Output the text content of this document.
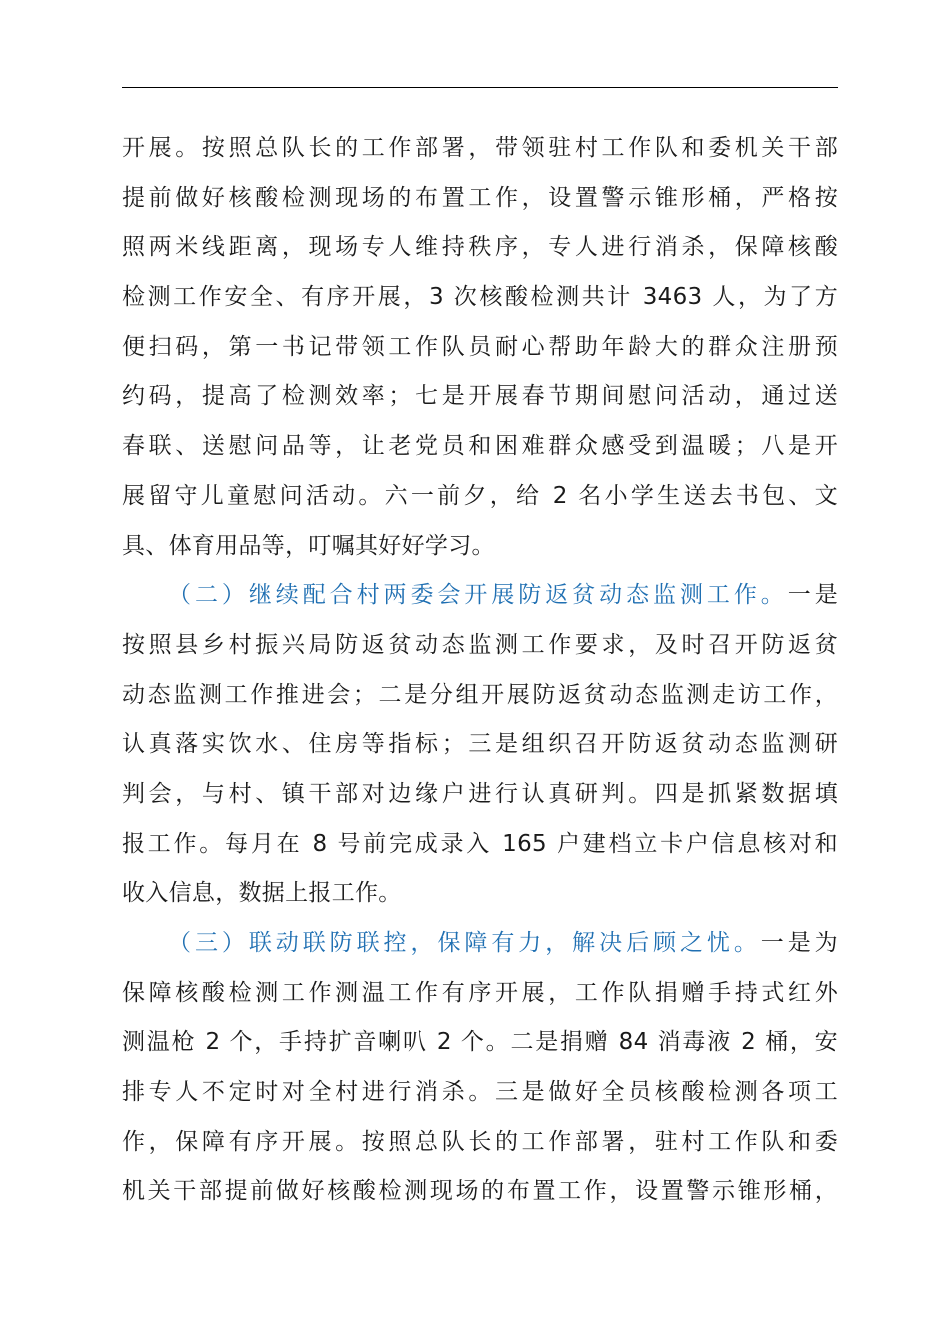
开展。按照总队长的工作部署，带领驻村工作队和委机关干部
提前做好核酸检测现场的布置工作，设置警示锥形桶，严格按
照两米线距离，现场专人维持秩序，专人进行消杀，保障核酸
检测工作安全、有序开展，3 次核酸检测共计 3463 人，为了方
便扫码，第一书记带领工作队员耐心帮助年龄大的群众注册预
约码，提高了检测效率；七是开展春节期间慰问活动，通过送
春联、送慰问品等，让老党员和困难群众感受到温暖；八是开
展留守儿童慰问活动。六一前夕，给 2 名小学生送去书包、文
具、体育用品等，叮嘱其好好学习。
（二）继续配合村两委会开展防返贫动态监测工作。一是
按照县乡村振兴局防返贫动态监测工作要求，及时召开防返贫
动态监测工作推进会；二是分组开展防返贫动态监测走访工作，
认真落实饮水、住房等指标；三是组织召开防返贫动态监测研
判会，与村、镇干部对边缘户进行认真研判。四是抓紧数据填
报工作。每月在 8 号前完成录入 165 户建档立卡户信息核对和
收入信息，数据上报工作。
（三）联动联防联控，保障有力，解决后顾之忧。一是为
保障核酸检测工作测温工作有序开展，工作队捐赠手持式红外
测温枪 2 个，手持扩音喇叭 2 个。二是捐赠 84 消毒液 2 桶，安
排专人不定时对全村进行消杀。三是做好全员核酸检测各项工
作，保障有序开展。按照总队长的工作部署，驻村工作队和委
机关干部提前做好核酸检测现场的布置工作，设置警示锥形桶，
